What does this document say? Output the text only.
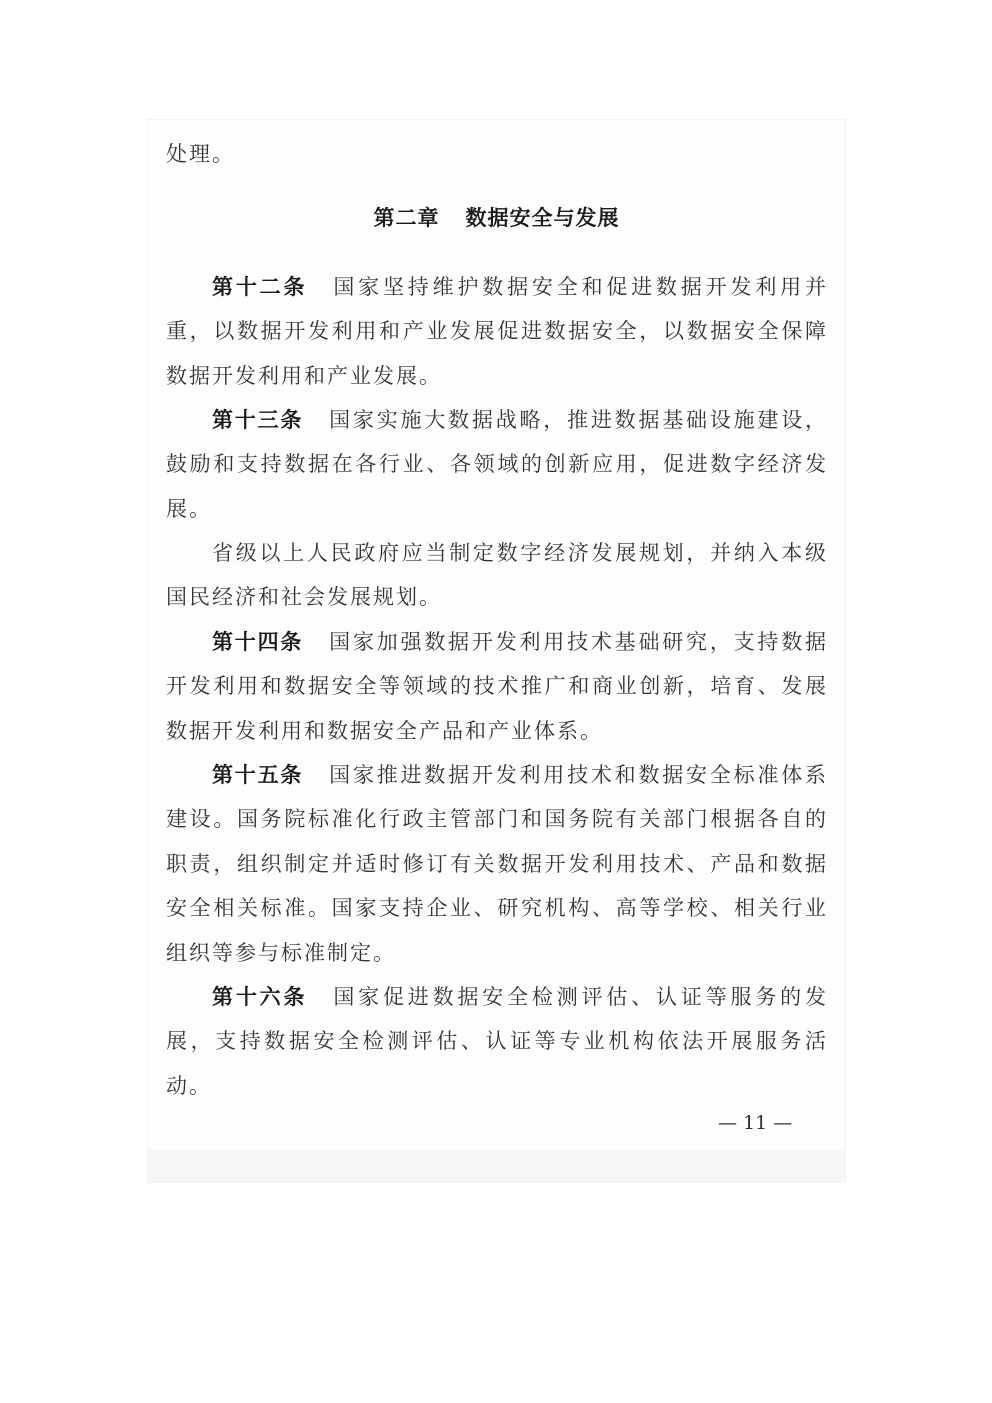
处理。

第二章 数据安全与发展

第十二条 国家坚持维护数据安全和促进数据开发利用并重，以数据开发利用和产业发展促进数据安全，以数据安全保障数据开发利用和产业发展。

第十三条 国家实施大数据战略，推进数据基础设施建设，鼓励和支持数据在各行业、各领域的创新应用，促进数字经济发展。

省级以上人民政府应当制定数字经济发展规划，并纳入本级国民经济和社会发展规划。

第十四条 国家加强数据开发利用技术基础研究，支持数据开发利用和数据安全等领域的技术推广和商业创新，培育、发展数据开发利用和数据安全产品和产业体系。

第十五条 国家推进数据开发利用技术和数据安全标准体系建设。国务院标准化行政主管部门和国务院有关部门根据各自的职责，组织制定并适时修订有关数据开发利用技术、产品和数据安全相关标准。国家支持企业、研究机构、高等学校、相关行业组织等参与标准制定。

第十六条 国家促进数据安全检测评估、认证等服务的发展，支持数据安全检测评估、认证等专业机构依法开展服务活动。

— 11 —
